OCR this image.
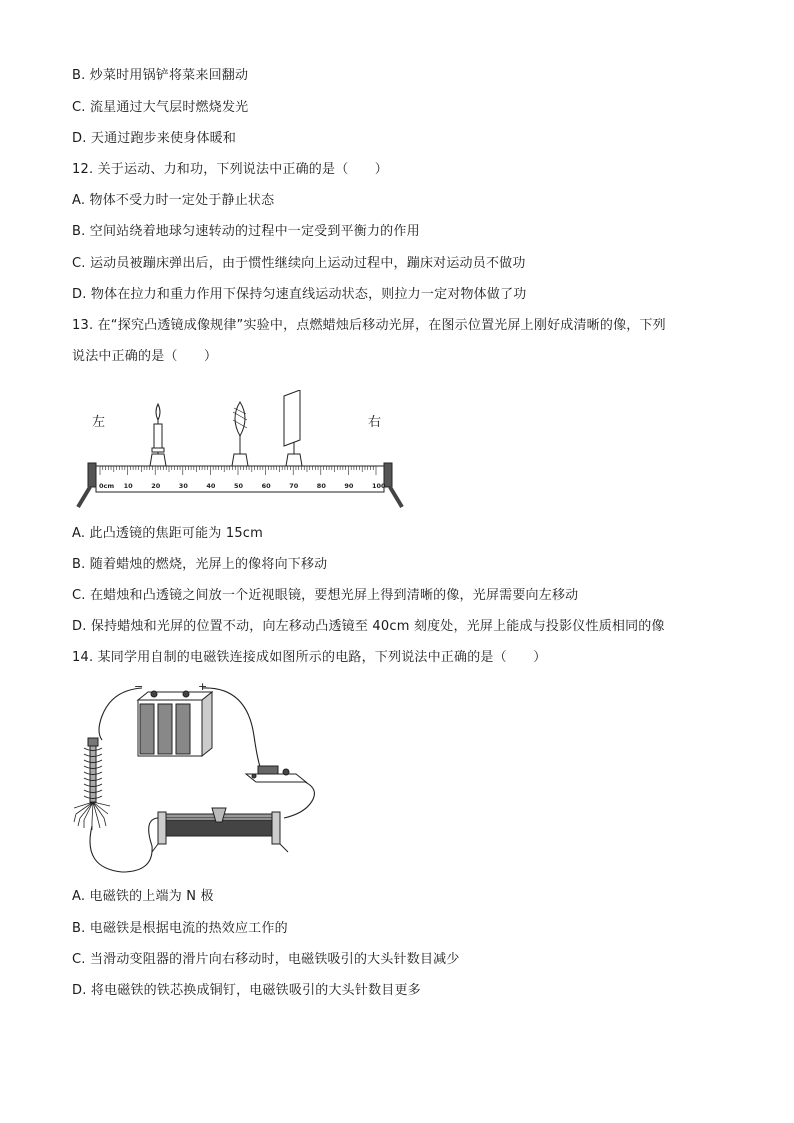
B. 炒菜时用锅铲将菜来回翻动
C. 流星通过大气层时燃烧发光
D. 天通过跑步来使身体暖和
12. 关于运动、力和功，下列说法中正确的是（　　）
A. 物体不受力时一定处于静止状态
B. 空间站绕着地球匀速转动的过程中一定受到平衡力的作用
C. 运动员被蹦床弹出后，由于惯性继续向上运动过程中，蹦床对运动员不做功
D. 物体在拉力和重力作用下保持匀速直线运动状态，则拉力一定对物体做了功
13. 在“探究凸透镜成像规律”实验中，点燃蜡烛后移动光屏，在图示位置光屏上刚好成清晰的像，下列
说法中正确的是（　　）
左	右
0cm 10	20	30	40	50	60	70	80	90	100
A. 此凸透镜的焦距可能为 15cm
B. 随着蜡烛的燃烧，光屏上的像将向下移动
C. 在蜡烛和凸透镜之间放一个近视眼镜，要想光屏上得到清晰的像，光屏需要向左移动
D. 保持蜡烛和光屏的位置不动，向左移动凸透镜至 40cm 刻度处，光屏上能成与投影仪性质相同的像
14. 某同学用自制的电磁铁连接成如图所示的电路，下列说法中正确的是（　　）
−	+
A. 电磁铁的上端为 N 极
B. 电磁铁是根据电流的热效应工作的
C. 当滑动变阻器的滑片向右移动时，电磁铁吸引的大头针数目减少
D. 将电磁铁的铁芯换成铜钉，电磁铁吸引的大头针数目更多
